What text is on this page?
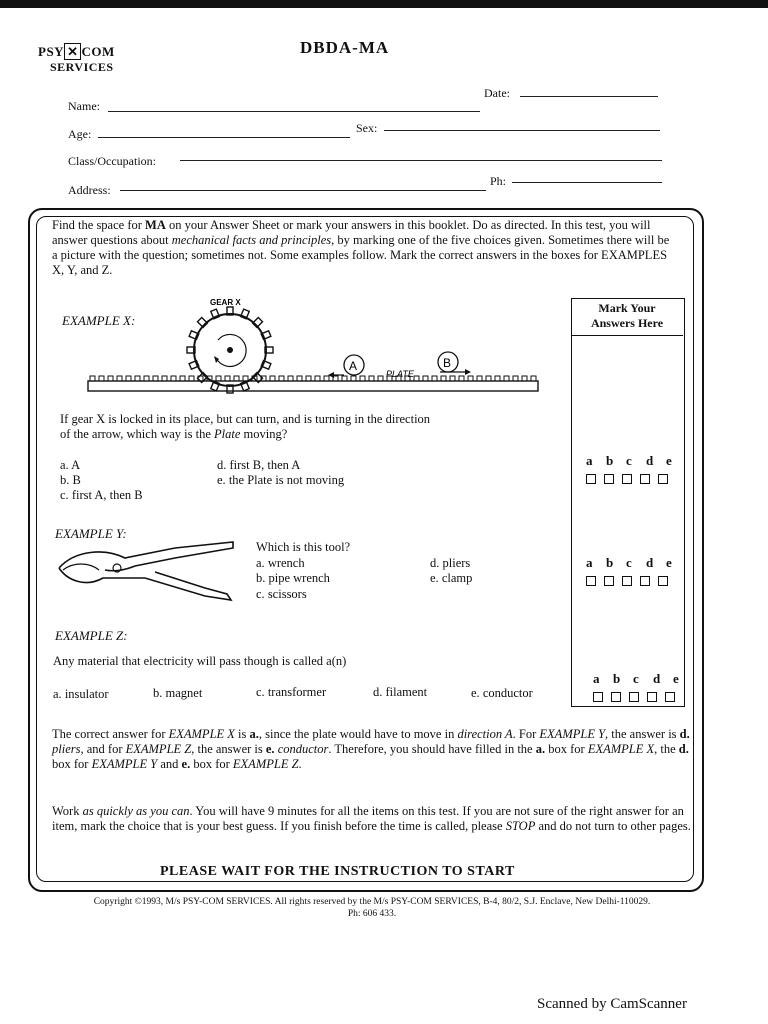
PSY ✕ COM
SERVICES
DBDA-MA
Name:
Date:
Age:	Sex:
Class/Occupation:
Address:
Ph:
Find the space for MA on your Answer Sheet or mark your answers in this booklet. Do as directed. In this test, you will answer questions about mechanical facts and principles, by marking one of the five choices given. Sometimes there will be a picture with the question; sometimes not. Some examples follow. Mark the correct answers in the boxes for EXAMPLES X, Y, and Z.
Mark Your
Answers Here
EXAMPLE X:
GEAR X
A
PLATE
B
If gear X is locked in its place, but can turn, and is turning in the direction
of the arrow, which way is the Plate moving?
a. A
b. B
c. first A, then B
d. first B, then A
e. the Plate is not moving
a b c d e
EXAMPLE Y:
Which is this tool?
a. wrench
b. pipe wrench
c. scissors
d. pliers
e. clamp
a b c d e
EXAMPLE Z:
Any material that electricity will pass though is called a(n)
a. insulator	b. magnet	c. transformer	d. filament	e. conductor
a b c d e
The correct answer for EXAMPLE X is a., since the plate would have to move in direction A. For EXAMPLE Y, the answer is d. pliers, and for EXAMPLE Z, the answer is e. conductor. Therefore, you should have filled in the a. box for EXAMPLE X, the d. box for EXAMPLE Y and e. box for EXAMPLE Z.
Work as quickly as you can. You will have 9 minutes for all the items on this test. If you are not sure of the right answer for an item, mark the choice that is your best guess. If you finish before the time is called, please STOP and do not turn to other pages.
PLEASE WAIT FOR THE INSTRUCTION TO START
Copyright ©1993, M/s PSY-COM SERVICES. All rights reserved by the M/s PSY-COM SERVICES, B-4, 80/2, S.J. Enclave, New Delhi-110029.
Ph: 606 433.
Scanned by CamScanner
